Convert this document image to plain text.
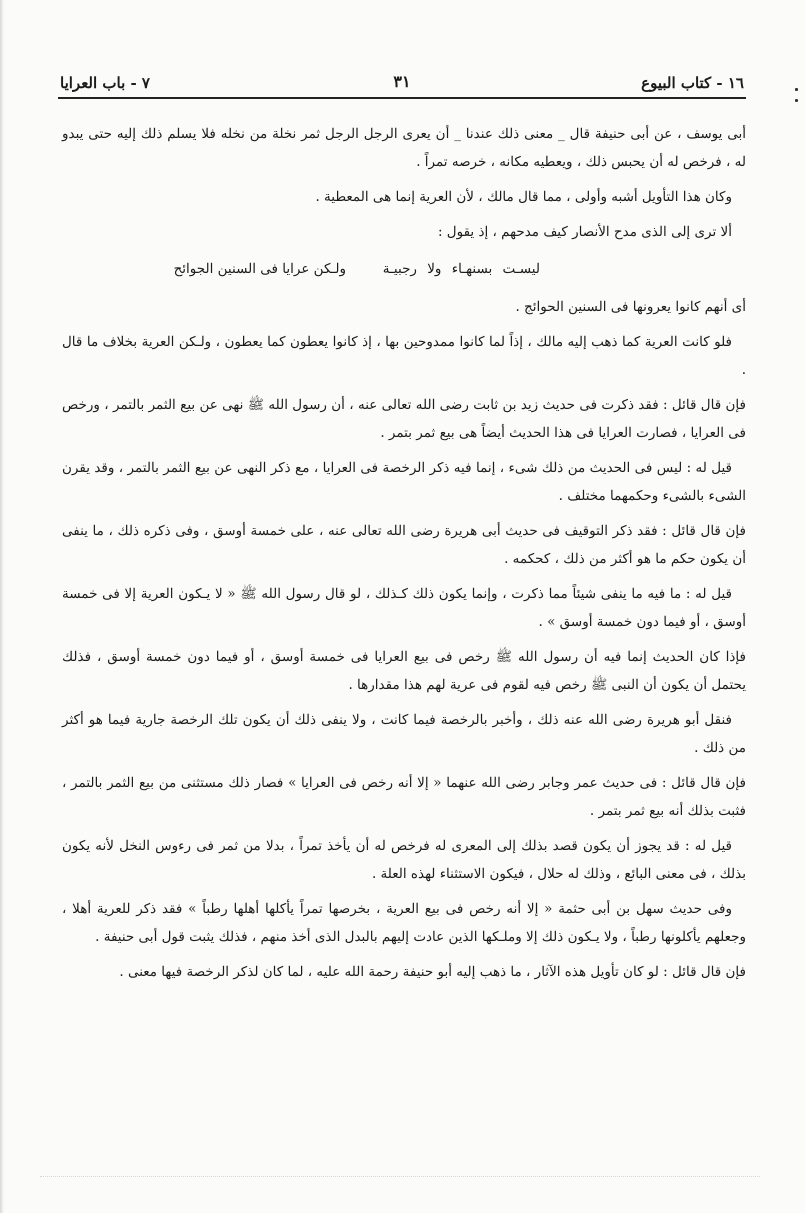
١٦ - كتاب البيوع
٣١
٧ - باب العرايا

أبى يوسف ، عن أبى حنيفة قال _ معنى ذلك عندنا _ أن يعرى الرجل الرجل ثمر نخلة من نخله فلا يسلم ذلك إليه حتى يبدو له ، فرخص له أن يحبس ذلك ، ويعطيه مكانه ، خرصه تمراً .

وكان هذا التأويل أشبه وأولى ، مما قال مالك ، لأن العرية إنما هى المعطية .

ألا ترى إلى الذى مدح الأنصار كيف مدحهم ، إذ يقول :

ليسـت بسنهـاء ولا رجبيـة
ولـكن عرايا فى السنين الجوائح

أى أنهم كانوا يعرونها فى السنين الحوائج .

فلو كانت العرية كما ذهب إليه مالك ، إذاً لما كانوا ممدوحين بها ، إذ كانوا يعطون كما يعطون ، ولـكن العرية بخلاف ما قال .

فإن قال قائل : فقد ذكرت فى حديث زيد بن ثابت رضى الله تعالى عنه ، أن رسول الله ﷺ نهى عن بيع الثمر بالتمر ، ورخص فى العرايا ، فصارت العرايا فى هذا الحديث أيضاً هى بيع ثمر بتمر .

قيل له : ليس فى الحديث من ذلك شىء ، إنما فيه ذكر الرخصة فى العرايا ، مع ذكر النهى عن بيع الثمر بالتمر ، وقد يقرن الشىء بالشىء وحكمهما مختلف .

فإن قال قائل : فقد ذكر التوقيف فى حديث أبى هريرة رضى الله تعالى عنه ، على خمسة أوسق ، وفى ذكره ذلك ، ما ينفى أن يكون حكم ما هو أكثر من ذلك ، كحكمه .

قيل له : ما فيه ما ينفى شيئاً مما ذكرت ، وإنما يكون ذلك كـذلك ، لو قال رسول الله ﷺ « لا يـكون العرية إلا فى خمسة أوسق ، أو فيما دون خمسة أوسق » .

فإذا كان الحديث إنما فيه أن رسول الله ﷺ رخص فى بيع العرايا فى خمسة أوسق ، أو فيما دون خمسة أوسق ، فذلك يحتمل أن يكون أن النبى ﷺ رخص فيه لقوم فى عرية لهم هذا مقدارها .

فنقل أبو هريرة رضى الله عنه ذلك ، وأخبر بالرخصة فيما كانت ، ولا ينفى ذلك أن يكون تلك الرخصة جارية فيما هو أكثر من ذلك .

فإن قال قائل : فى حديث عمر وجابر رضى الله عنهما « إلا أنه رخص فى العرايا » فصار ذلك مستثنى من بيع الثمر بالتمر ، فثبت بذلك أنه بيع ثمر بتمر .

قيل له : قد يجوز أن يكون قصد بذلك إلى المعرى له فرخص له أن يأخذ تمراً ، بدلا من ثمر فى رءوس النخل لأنه يكون بذلك ، فى معنى البائع ، وذلك له حلال ، فيكون الاستثناء لهذه العلة .

وفى حديث سهل بن أبى حثمة « إلا أنه رخص فى بيع العرية ، بخرصها تمراً يأكلها أهلها رطباً » فقد ذكر للعرية أهلا ، وجعلهم يأكلونها رطباً ، ولا يـكون ذلك إلا وملـكها الذين عادت إليهم بالبدل الذى أخذ منهم ، فذلك يثبت قول أبى حنيفة .

فإن قال قائل : لو كان تأويل هذه الآثار ، ما ذهب إليه أبو حنيفة رحمة الله عليه ، لما كان لذكر الرخصة فيها معنى .
